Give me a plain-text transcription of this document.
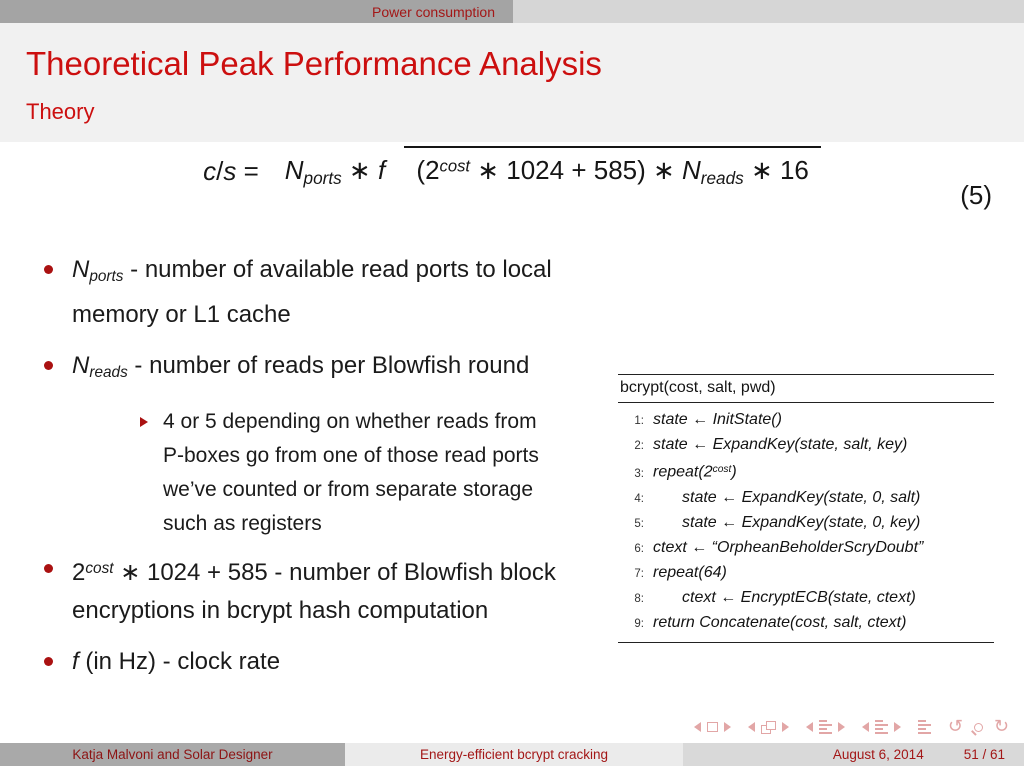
Power consumption
Theoretical Peak Performance Analysis
Theory
c/s =	$N_{ports}$ ∗ f ($2^{cost}$ ∗ 1024 + 585) ∗ $N_{reads}$ ∗ 16
(5)
$N_{ports}$ - number of available read ports to local memory or L1 cache
$N_{reads}$ - number of reads per Blowfish round
4 or 5 depending on whether reads from P-boxes go from one of those read ports we’ve counted or from separate storage such as registers
$2^{cost}$ ∗ 1024 + 585 - number of Blowfish block encryptions in bcrypt hash computation
f (in Hz) - clock rate
bcrypt(cost, salt, pwd)
1: state ← InitState()
2: state ← ExpandKey(state, salt, key)
3: $repeat(2^{cost})$
4: state ← ExpandKey(state, 0, salt)
5: state ← ExpandKey(state, 0, key)
6: ctext ← “OrpheanBeholderScryDoubt”
7: repeat(64)
8: ctext ← EncryptECB(state, ctext)
9: return Concatenate(cost, salt, ctext)
↺ ↻
Katja Malvoni and Solar Designer	Energy-efficient bcrypt cracking	August 6, 2014	51 / 61
